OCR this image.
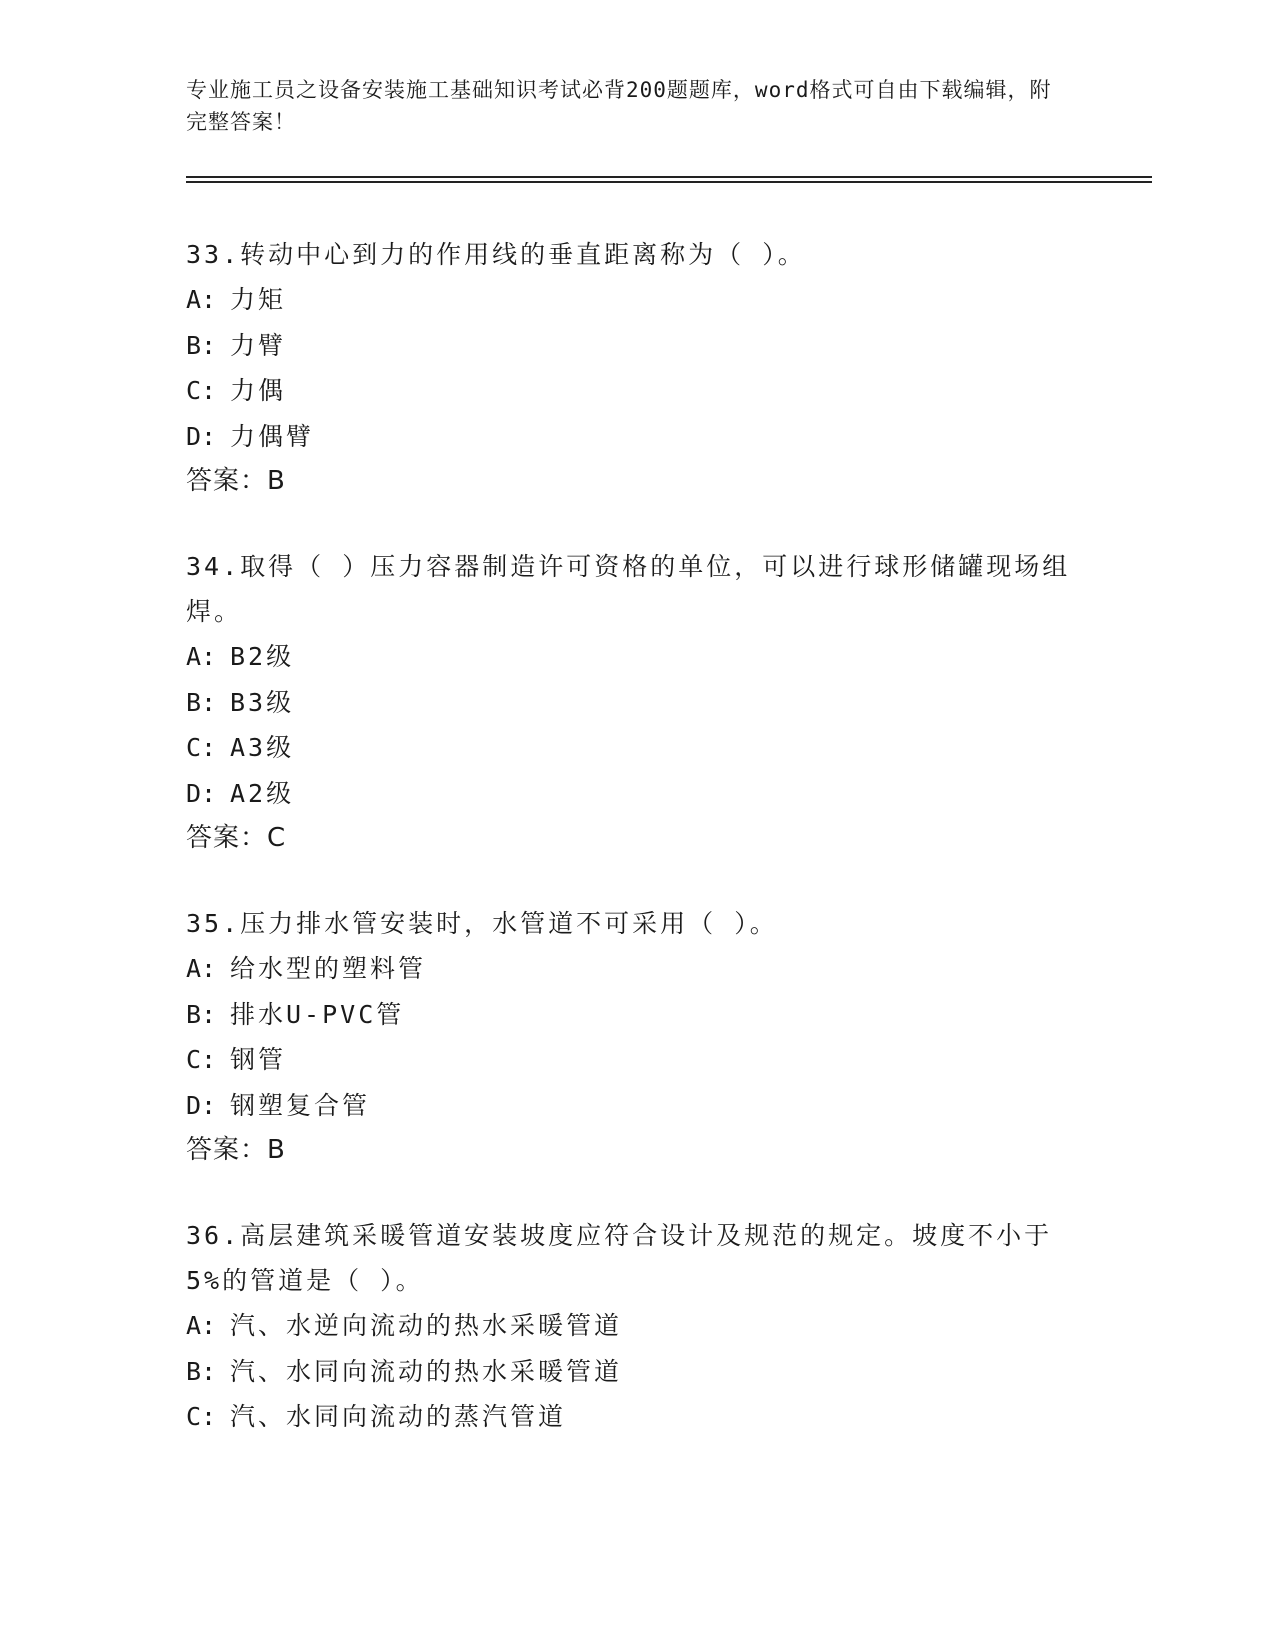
专业施工员之设备安装施工基础知识考试必背200题题库，word格式可自由下载编辑，附完整答案！

33.转动中心到力的作用线的垂直距离称为（ ）。

A: 力矩

B: 力臂

C: 力偶

D: 力偶臂

答案：B

34.取得（ ）压力容器制造许可资格的单位，可以进行球形储罐现场组焊。

A: B2级

B: B3级

C: A3级

D: A2级

答案：C

35.压力排水管安装时，水管道不可采用（ ）。

A: 给水型的塑料管

B: 排水U-PVC管

C: 钢管

D: 钢塑复合管

答案：B

36.高层建筑采暖管道安装坡度应符合设计及规范的规定。坡度不小于5%的管道是（ ）。

A: 汽、水逆向流动的热水采暖管道

B: 汽、水同向流动的热水采暖管道

C: 汽、水同向流动的蒸汽管道
